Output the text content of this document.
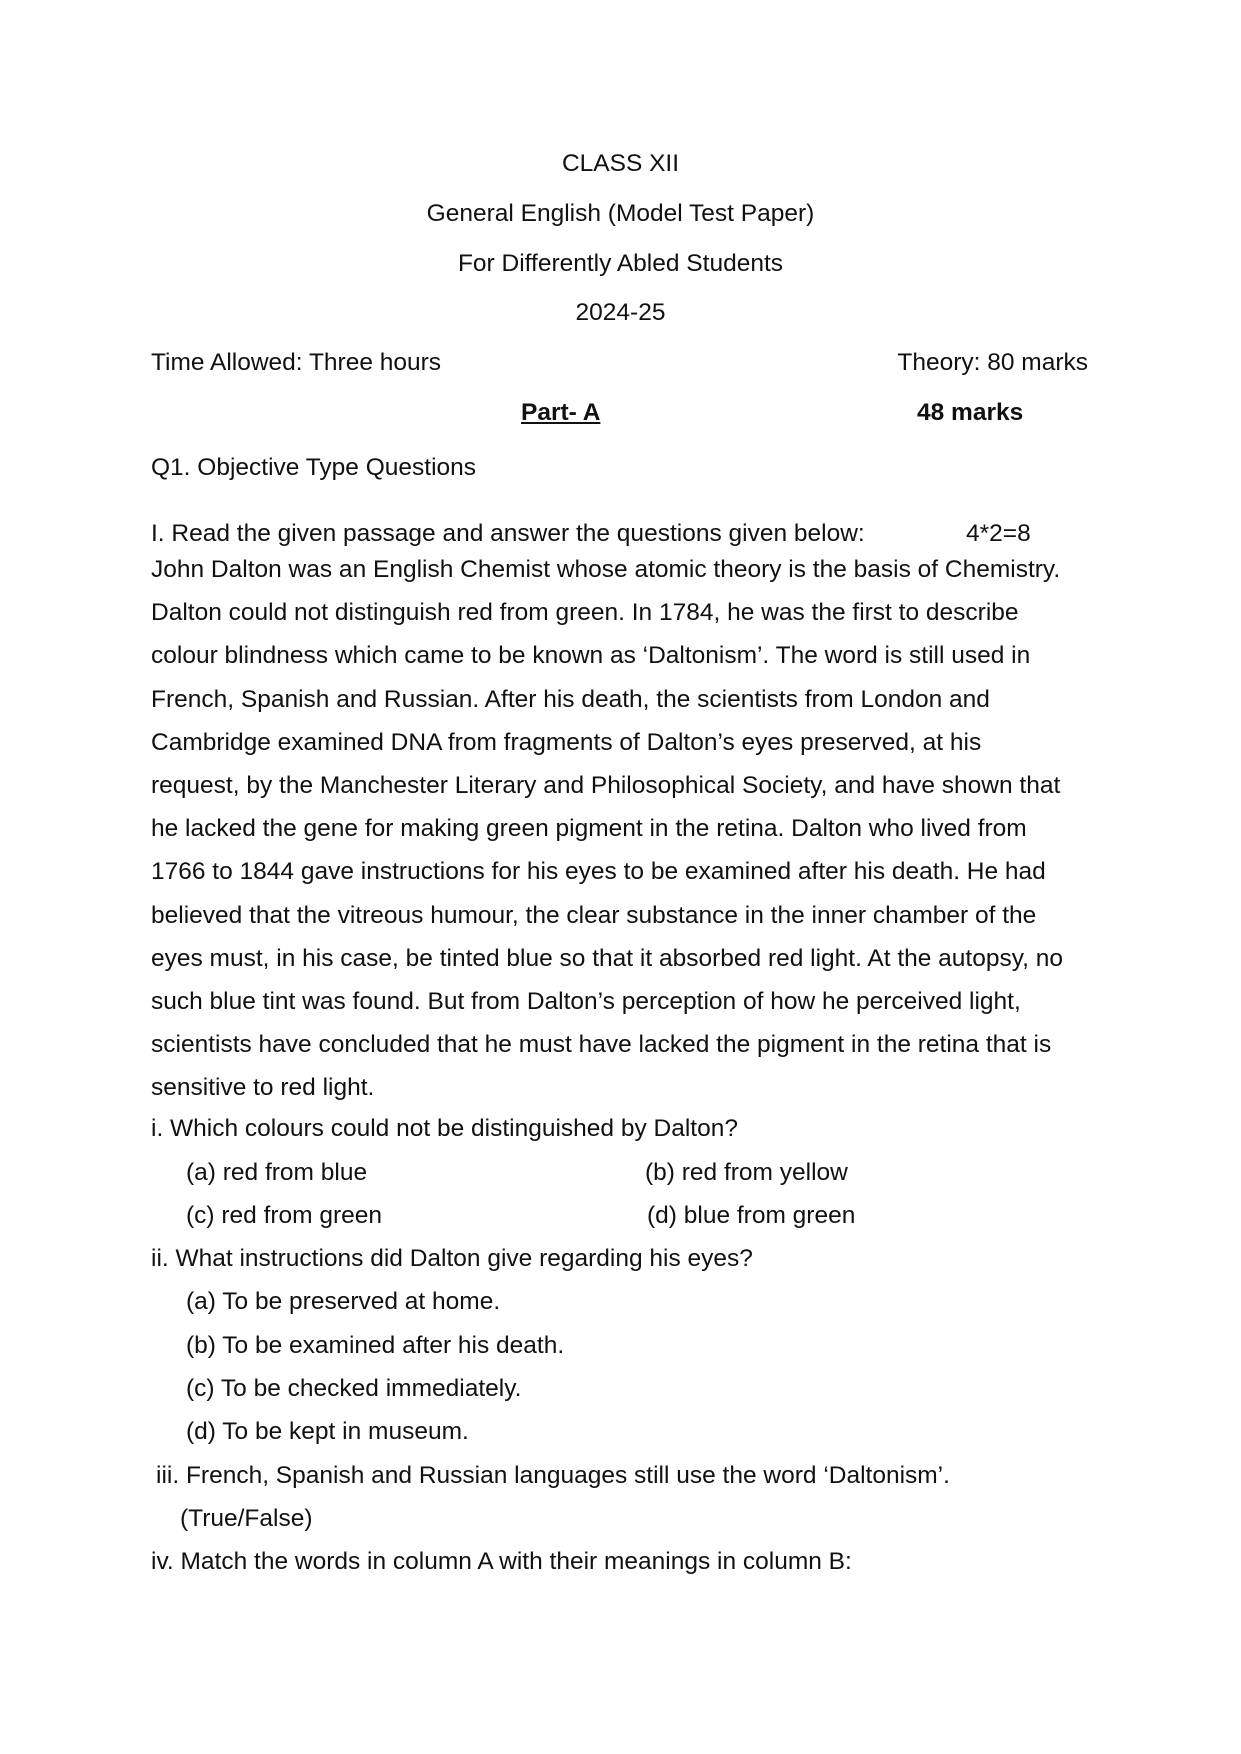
CLASS XII
General English (Model Test Paper)
For Differently Abled Students
2024-25
Time Allowed: Three hours	Theory: 80 marks
Part- A	48 marks
Q1. Objective Type Questions
I. Read the given passage and answer the questions given below:	4*2=8
John Dalton was an English Chemist whose atomic theory is the basis of Chemistry.
Dalton could not distinguish red from green. In 1784, he was the first to describe
colour blindness which came to be known as ‘Daltonism’. The word is still used in
French, Spanish and Russian. After his death, the scientists from London and
Cambridge examined DNA from fragments of Dalton’s eyes preserved, at his
request, by the Manchester Literary and Philosophical Society, and have shown that
he lacked the gene for making green pigment in the retina. Dalton who lived from
1766 to 1844 gave instructions for his eyes to be examined after his death. He had
believed that the vitreous humour, the clear substance in the inner chamber of the
eyes must, in his case, be tinted blue so that it absorbed red light. At the autopsy, no
such blue tint was found. But from Dalton’s perception of how he perceived light,
scientists have concluded that he must have lacked the pigment in the retina that is
sensitive to red light.
i. Which colours could not be distinguished by Dalton?
(a) red from blue	(b) red from yellow
(c) red from green	(d) blue from green
ii. What instructions did Dalton give regarding his eyes?
(a) To be preserved at home.
(b) To be examined after his death.
(c) To be checked immediately.
(d) To be kept in museum.
iii. French, Spanish and Russian languages still use the word ‘Daltonism’.
(True/False)
iv. Match the words in column A with their meanings in column B:
